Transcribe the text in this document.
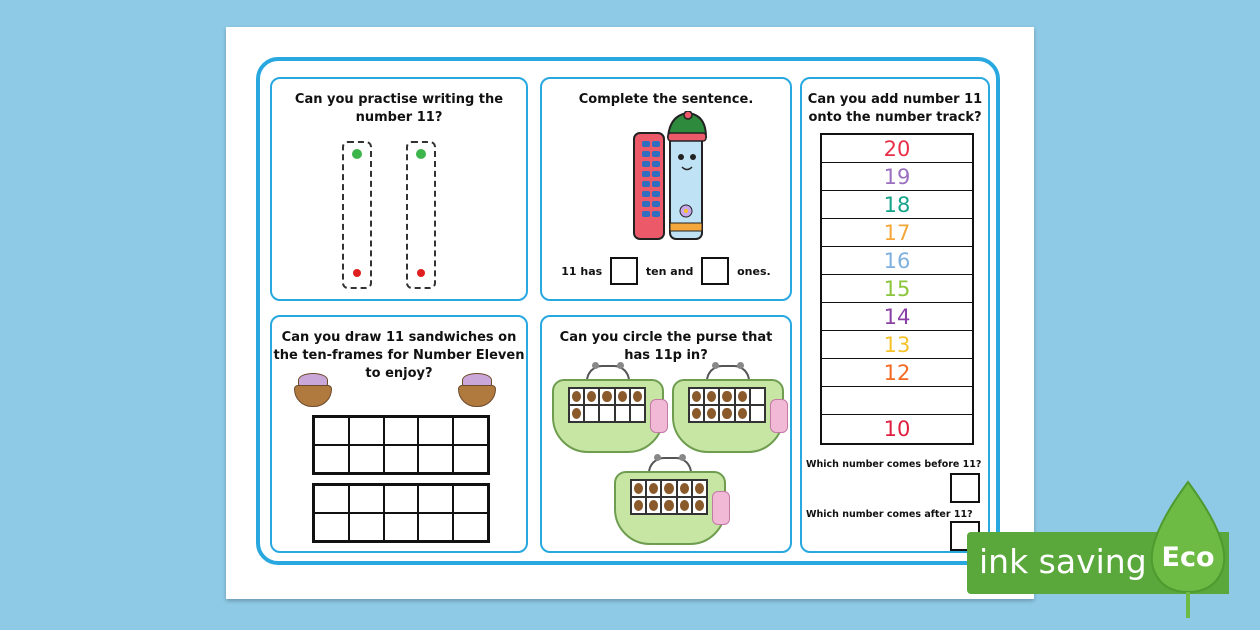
Can you practise writing the
number 11?
Complete the sentence.
11 has	ten and	ones.
Can you add number 11
onto the number track?
20
19
18
17
16
15
14
13
12
10
Which number comes before 11?
Which number comes after 11?
Can you draw 11 sandwiches on
the ten-frames for Number Eleven
to enjoy?
Can you circle the purse that
has 11p in?
ink saving Eco
